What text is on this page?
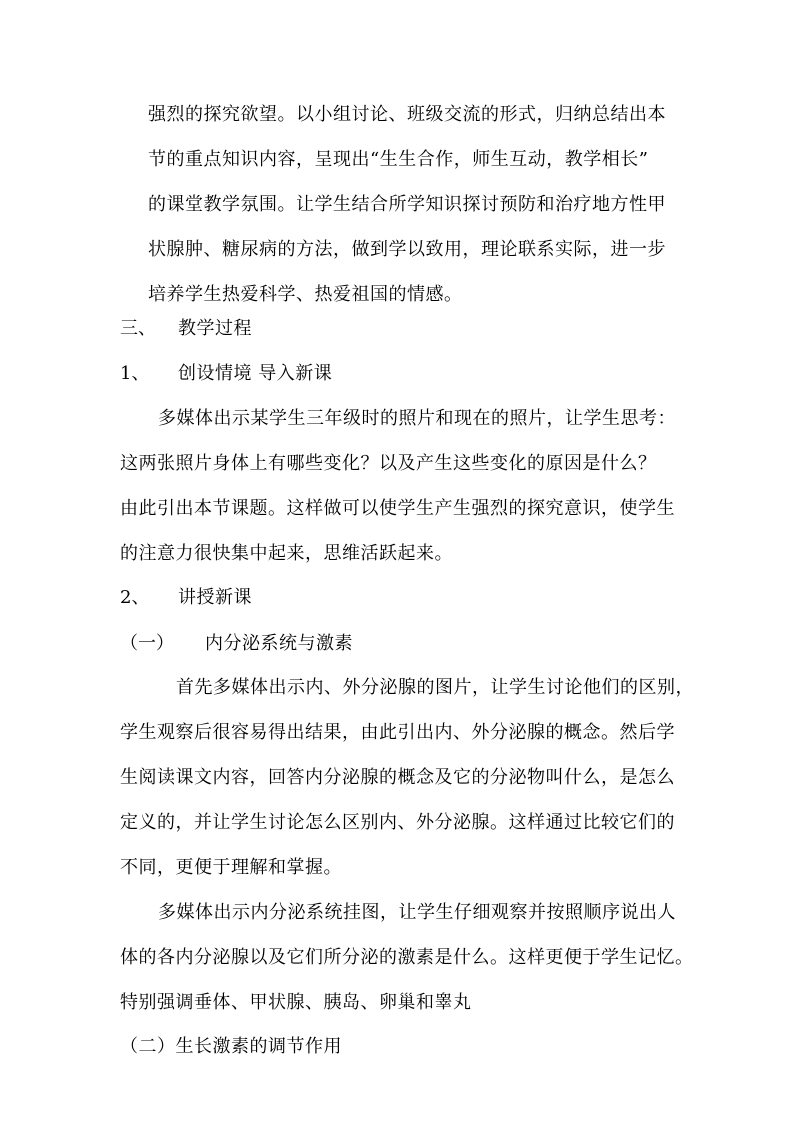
强烈的探究欲望。以小组讨论、班级交流的形式，归纳总结出本
节的重点知识内容，呈现出“生生合作，师生互动，教学相长”
的课堂教学氛围。让学生结合所学知识探讨预防和治疗地方性甲
状腺肿、糖尿病的方法，做到学以致用，理论联系实际，进一步
培养学生热爱科学、热爱祖国的情感。
三、 教学过程
1、 创设情境 导入新课
多媒体出示某学生三年级时的照片和现在的照片，让学生思考：
这两张照片身体上有哪些变化？以及产生这些变化的原因是什么？
由此引出本节课题。这样做可以使学生产生强烈的探究意识，使学生
的注意力很快集中起来，思维活跃起来。
2、 讲授新课
（一） 内分泌系统与激素
首先多媒体出示内、外分泌腺的图片，让学生讨论他们的区别，
学生观察后很容易得出结果，由此引出内、外分泌腺的概念。然后学
生阅读课文内容，回答内分泌腺的概念及它的分泌物叫什么，是怎么
定义的，并让学生讨论怎么区别内、外分泌腺。这样通过比较它们的
不同，更便于理解和掌握。
多媒体出示内分泌系统挂图，让学生仔细观察并按照顺序说出人
体的各内分泌腺以及它们所分泌的激素是什么。这样更便于学生记忆。
特别强调垂体、甲状腺、胰岛、卵巢和睾丸
（二）生长激素的调节作用
